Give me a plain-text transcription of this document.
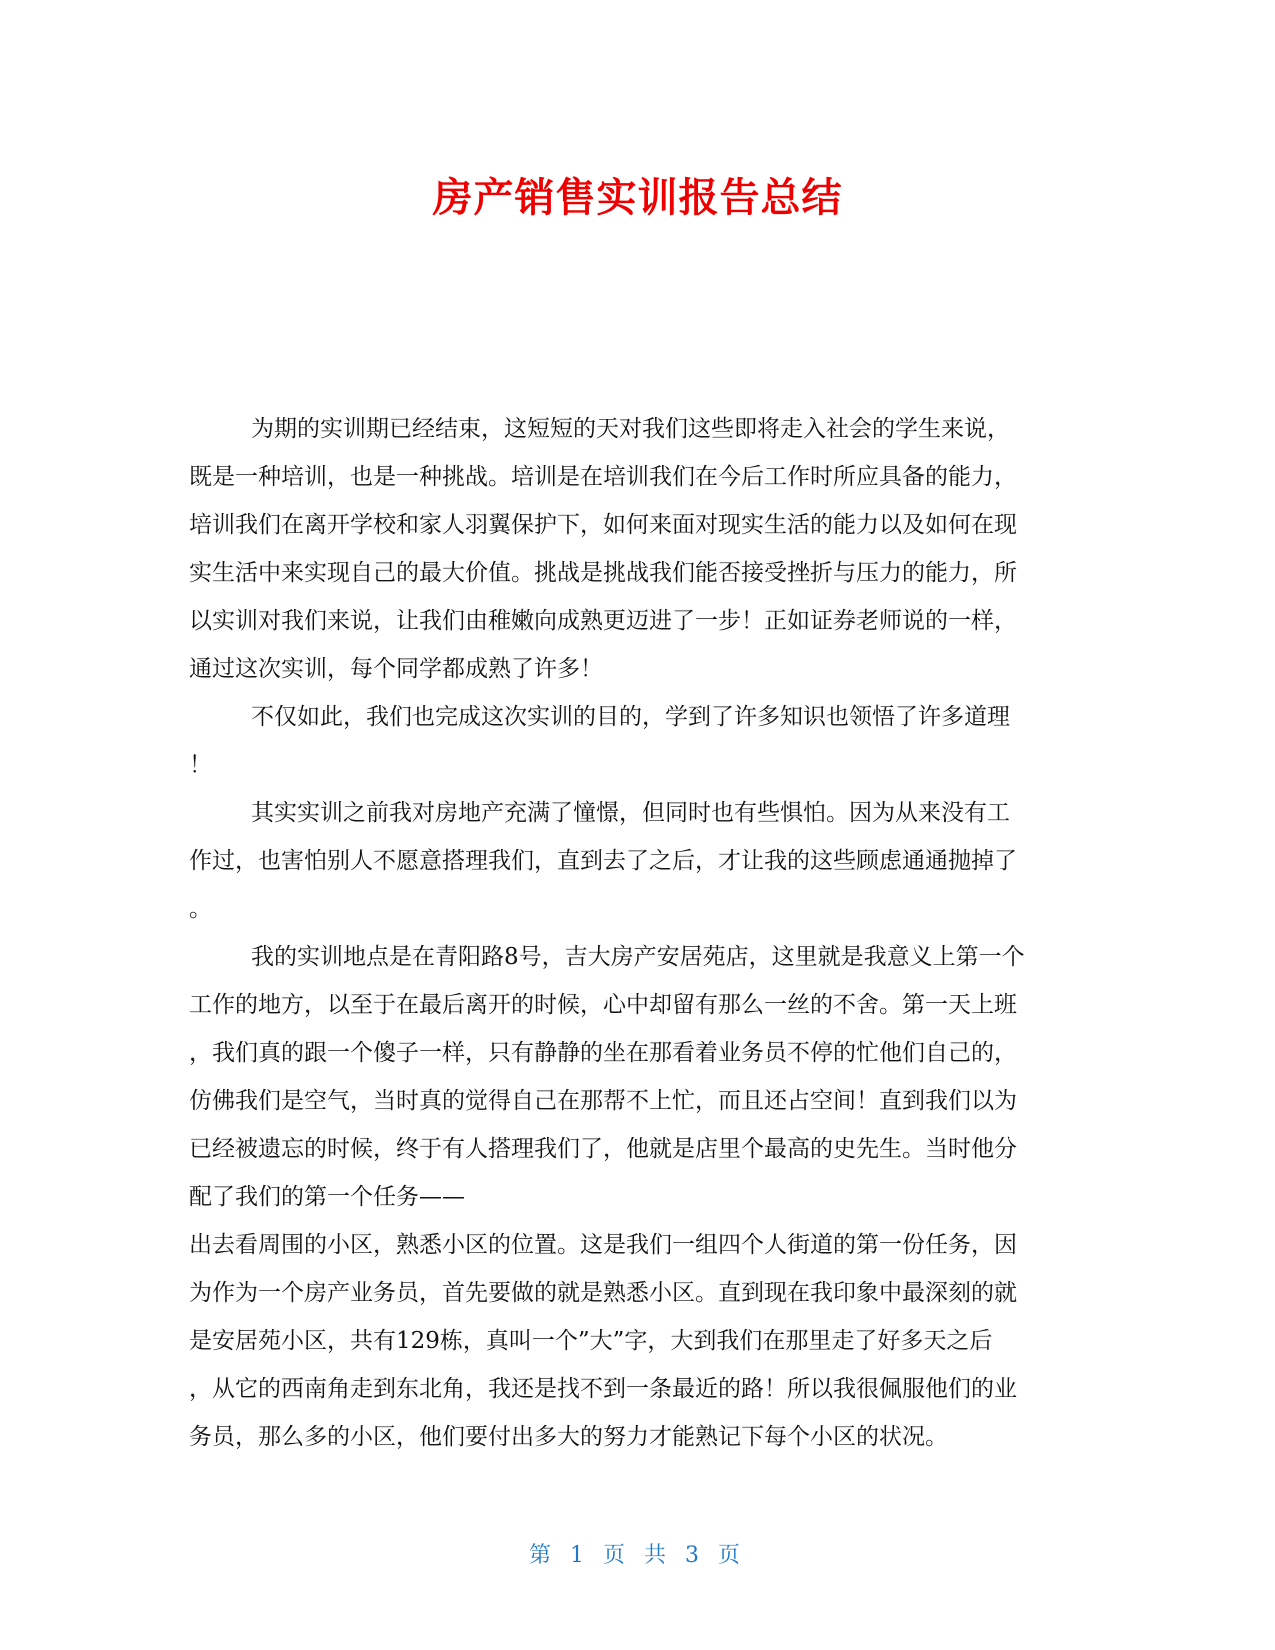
房产销售实训报告总结
为期的实训期已经结束，这短短的天对我们这些即将走入社会的学生来说，
既是一种培训，也是一种挑战。培训是在培训我们在今后工作时所应具备的能力，
培训我们在离开学校和家人羽翼保护下，如何来面对现实生活的能力以及如何在现
实生活中来实现自己的最大价值。挑战是挑战我们能否接受挫折与压力的能力，所
以实训对我们来说，让我们由稚嫩向成熟更迈进了一步！正如证券老师说的一样，
通过这次实训，每个同学都成熟了许多！
不仅如此，我们也完成这次实训的目的，学到了许多知识也领悟了许多道理
！
其实实训之前我对房地产充满了憧憬，但同时也有些惧怕。因为从来没有工
作过，也害怕别人不愿意搭理我们，直到去了之后，才让我的这些顾虑通通抛掉了
。
我的实训地点是在青阳路8号，吉大房产安居苑店，这里就是我意义上第一个
工作的地方，以至于在最后离开的时候，心中却留有那么一丝的不舍。第一天上班
，我们真的跟一个傻子一样，只有静静的坐在那看着业务员不停的忙他们自己的，
仿佛我们是空气，当时真的觉得自己在那帮不上忙，而且还占空间！直到我们以为
已经被遗忘的时候，终于有人搭理我们了，他就是店里个最高的史先生。当时他分
配了我们的第一个任务——
出去看周围的小区，熟悉小区的位置。这是我们一组四个人街道的第一份任务，因
为作为一个房产业务员，首先要做的就是熟悉小区。直到现在我印象中最深刻的就
是安居苑小区，共有129栋，真叫一个”大”字，大到我们在那里走了好多天之后
，从它的西南角走到东北角，我还是找不到一条最近的路！所以我很佩服他们的业
务员，那么多的小区，他们要付出多大的努力才能熟记下每个小区的状况。
第 1 页 共 3 页
